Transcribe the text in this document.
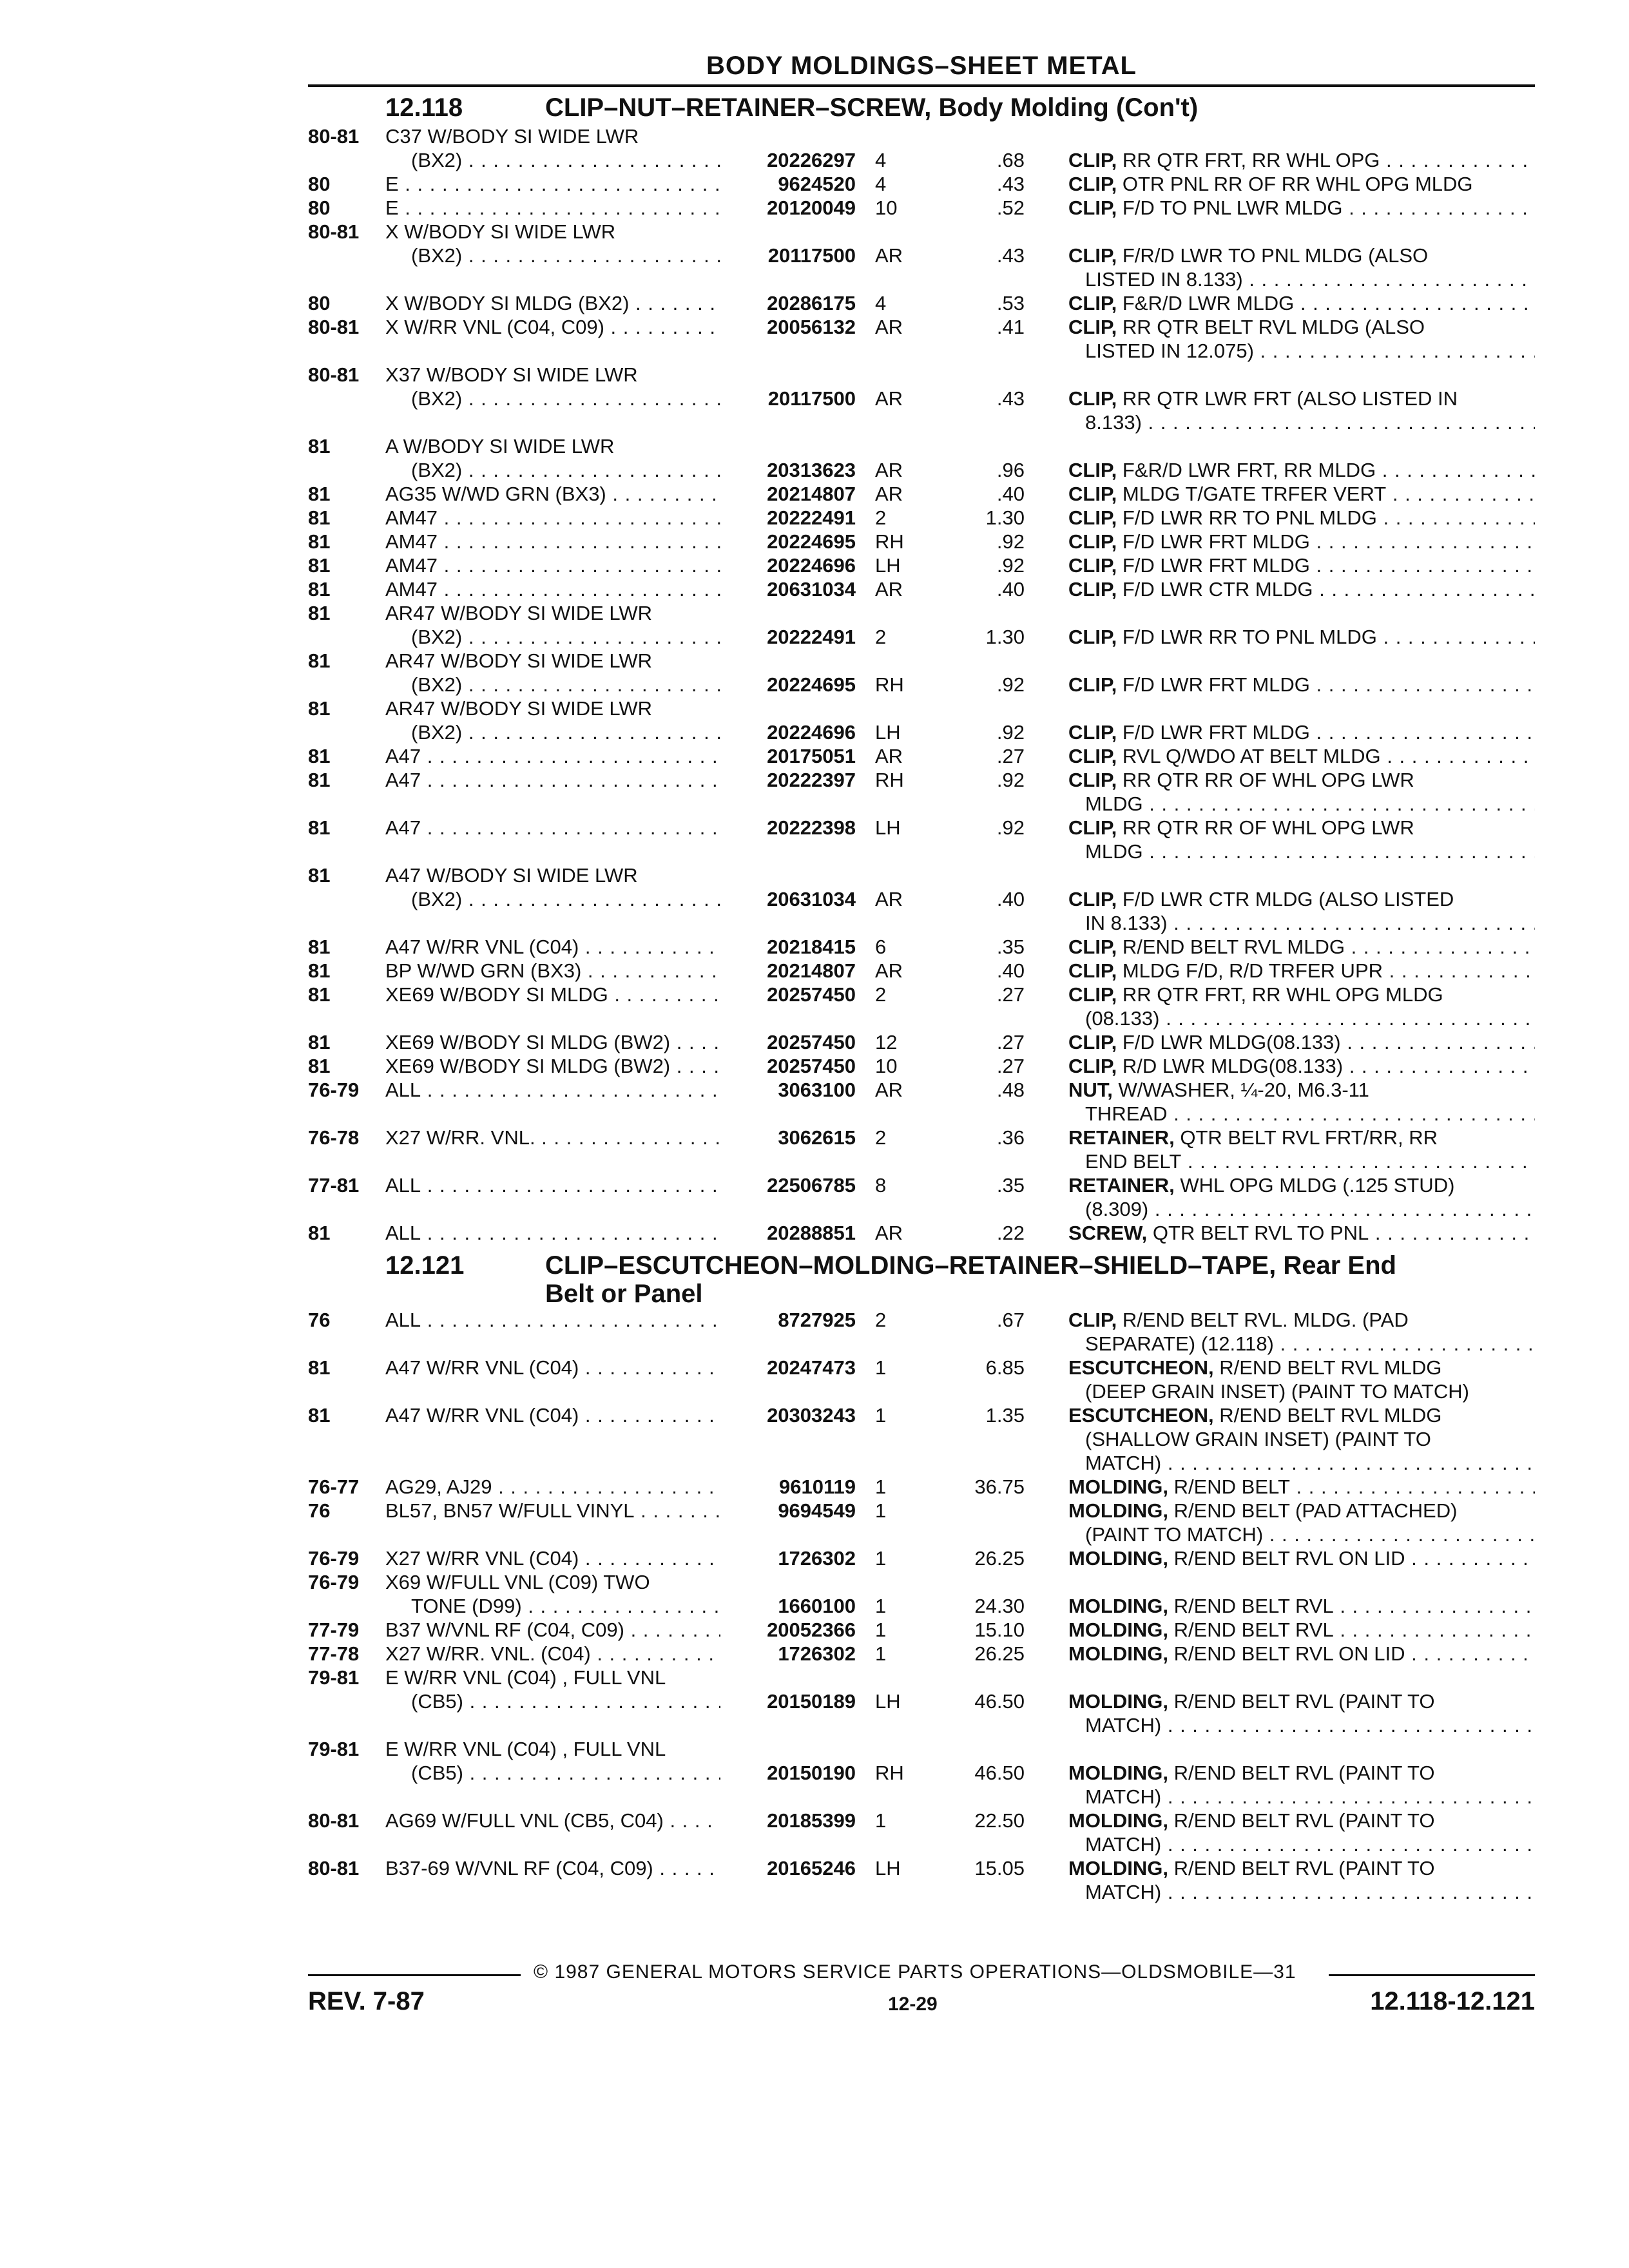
BODY MOLDINGS–SHEET METAL
12.118	CLIP–NUT–RETAINER–SCREW, Body Molding (Con't)
80-81 C37 W/BODY SI WIDE LWR
(BX2) . . .	20226297 4	.68 CLIP, RR QTR FRT, RR WHL OPG . . .
80	E . . .	9624520 4	.43 CLIP, OTR PNL RR OF RR WHL OPG MLDG
80	E . . .	20120049 10	.52 CLIP, F/D TO PNL LWR MLDG . . .
80-81 X W/BODY SI WIDE LWR
(BX2) . . .	20117500 AR	.43 CLIP, F/R/D LWR TO PNL MLDG (ALSO
LISTED IN 8.133) . . .
80	X W/BODY SI MLDG (BX2) . . .	20286175 4	.53 CLIP, F&R/D LWR MLDG . . .
80-81 X W/RR VNL (C04, C09) . . .	20056132 AR	.41 CLIP, RR QTR BELT RVL MLDG (ALSO
LISTED IN 12.075) . . .
80-81 X37 W/BODY SI WIDE LWR
(BX2) . . .	20117500 AR	.43 CLIP, RR QTR LWR FRT (ALSO LISTED IN
8.133) . . .
81	A W/BODY SI WIDE LWR
(BX2) . . .	20313623 AR	.96 CLIP, F&R/D LWR FRT, RR MLDG . . .
81	AG35 W/WD GRN (BX3) . . .	20214807 AR	.40 CLIP, MLDG T/GATE TRFER VERT . . .
81	AM47 . . .	20222491 2	1.30 CLIP, F/D LWR RR TO PNL MLDG . . .
81	AM47 . . .	20224695 RH	.92 CLIP, F/D LWR FRT MLDG . . .
81	AM47 . . .	20224696 LH	.92 CLIP, F/D LWR FRT MLDG . . .
81	AM47 . . .	20631034 AR	.40 CLIP, F/D LWR CTR MLDG . . .
81	AR47 W/BODY SI WIDE LWR
(BX2) . . .	20222491 2	1.30 CLIP, F/D LWR RR TO PNL MLDG . . .
81	AR47 W/BODY SI WIDE LWR
(BX2) . . .	20224695 RH	.92 CLIP, F/D LWR FRT MLDG . . .
81	AR47 W/BODY SI WIDE LWR
(BX2) . . .	20224696 LH	.92 CLIP, F/D LWR FRT MLDG . . .
81	A47 . . .	20175051 AR	.27 CLIP, RVL Q/WDO AT BELT MLDG . . .
81	A47 . . .	20222397 RH	.92 CLIP, RR QTR RR OF WHL OPG LWR
MLDG . . .
81	A47 . . .	20222398 LH	.92 CLIP, RR QTR RR OF WHL OPG LWR
MLDG . . .
81	A47 W/BODY SI WIDE LWR
(BX2) . . .	20631034 AR	.40 CLIP, F/D LWR CTR MLDG (ALSO LISTED
IN 8.133) . . .
81	A47 W/RR VNL (C04) . . .	20218415 6	.35 CLIP, R/END BELT RVL MLDG . . .
81	BP W/WD GRN (BX3) . . .	20214807 AR	.40 CLIP, MLDG F/D, R/D TRFER UPR . . .
81	XE69 W/BODY SI MLDG . . .	20257450 2	.27 CLIP, RR QTR FRT, RR WHL OPG MLDG
(08.133) . . .
81	XE69 W/BODY SI MLDG (BW2) . . .	20257450 12	.27 CLIP, F/D LWR MLDG(08.133) . . .
81	XE69 W/BODY SI MLDG (BW2) . . .	20257450 10	.27 CLIP, R/D LWR MLDG(08.133) . . .
76-79 ALL . . .	3063100 AR	.48 NUT, W/WASHER, ¼-20, M6.3-11
THREAD . . .
76-78 X27 W/RR. VNL. . . .	3062615 2	.36 RETAINER, QTR BELT RVL FRT/RR, RR
END BELT . . .
77-81 ALL . . .	22506785 8	.35 RETAINER, WHL OPG MLDG (.125 STUD)
(8.309) . . .
81	ALL . . .	20288851 AR	.22 SCREW, QTR BELT RVL TO PNL . . .
12.121	CLIP–ESCUTCHEON–MOLDING–RETAINER–SHIELD–TAPE, Rear End
Belt or Panel
76	ALL . . .	8727925 2	.67 CLIP, R/END BELT RVL. MLDG. (PAD
SEPARATE) (12.118) . . .
81	A47 W/RR VNL (C04) . . .	20247473 1	6.85 ESCUTCHEON, R/END BELT RVL MLDG
(DEEP GRAIN INSET) (PAINT TO MATCH)
81	A47 W/RR VNL (C04) . . .	20303243 1	1.35 ESCUTCHEON, R/END BELT RVL MLDG
(SHALLOW GRAIN INSET) (PAINT TO
MATCH) . . .
76-77 AG29, AJ29 . . .	9610119 1	36.75 MOLDING, R/END BELT . . .
76	BL57, BN57 W/FULL VINYL . . .	9694549 1	MOLDING, R/END BELT (PAD ATTACHED)
(PAINT TO MATCH) . . .
76-79 X27 W/RR VNL (C04) . . .	1726302 1	26.25 MOLDING, R/END BELT RVL ON LID . . .
76-79 X69 W/FULL VNL (C09) TWO
TONE (D99) . . .	1660100 1	24.30 MOLDING, R/END BELT RVL . . .
77-79 B37 W/VNL RF (C04, C09) . . .	20052366 1	15.10 MOLDING, R/END BELT RVL . . .
77-78 X27 W/RR. VNL. (C04) . . .	1726302 1	26.25 MOLDING, R/END BELT RVL ON LID . . .
79-81 E W/RR VNL (C04) , FULL VNL
(CB5) . . .	20150189 LH	46.50 MOLDING, R/END BELT RVL (PAINT TO
MATCH) . . .
79-81 E W/RR VNL (C04) , FULL VNL
(CB5) . . .	20150190 RH	46.50 MOLDING, R/END BELT RVL (PAINT TO
MATCH) . . .
80-81 AG69 W/FULL VNL (CB5, C04) . . .	20185399 1	22.50 MOLDING, R/END BELT RVL (PAINT TO
MATCH) . . .
80-81 B37-69 W/VNL RF (C04, C09) . . .	20165246 LH	15.05 MOLDING, R/END BELT RVL (PAINT TO
MATCH) . . .
© 1987 GENERAL MOTORS SERVICE PARTS OPERATIONS—OLDSMOBILE—31
REV. 7-87	12-29	12.118-12.121
